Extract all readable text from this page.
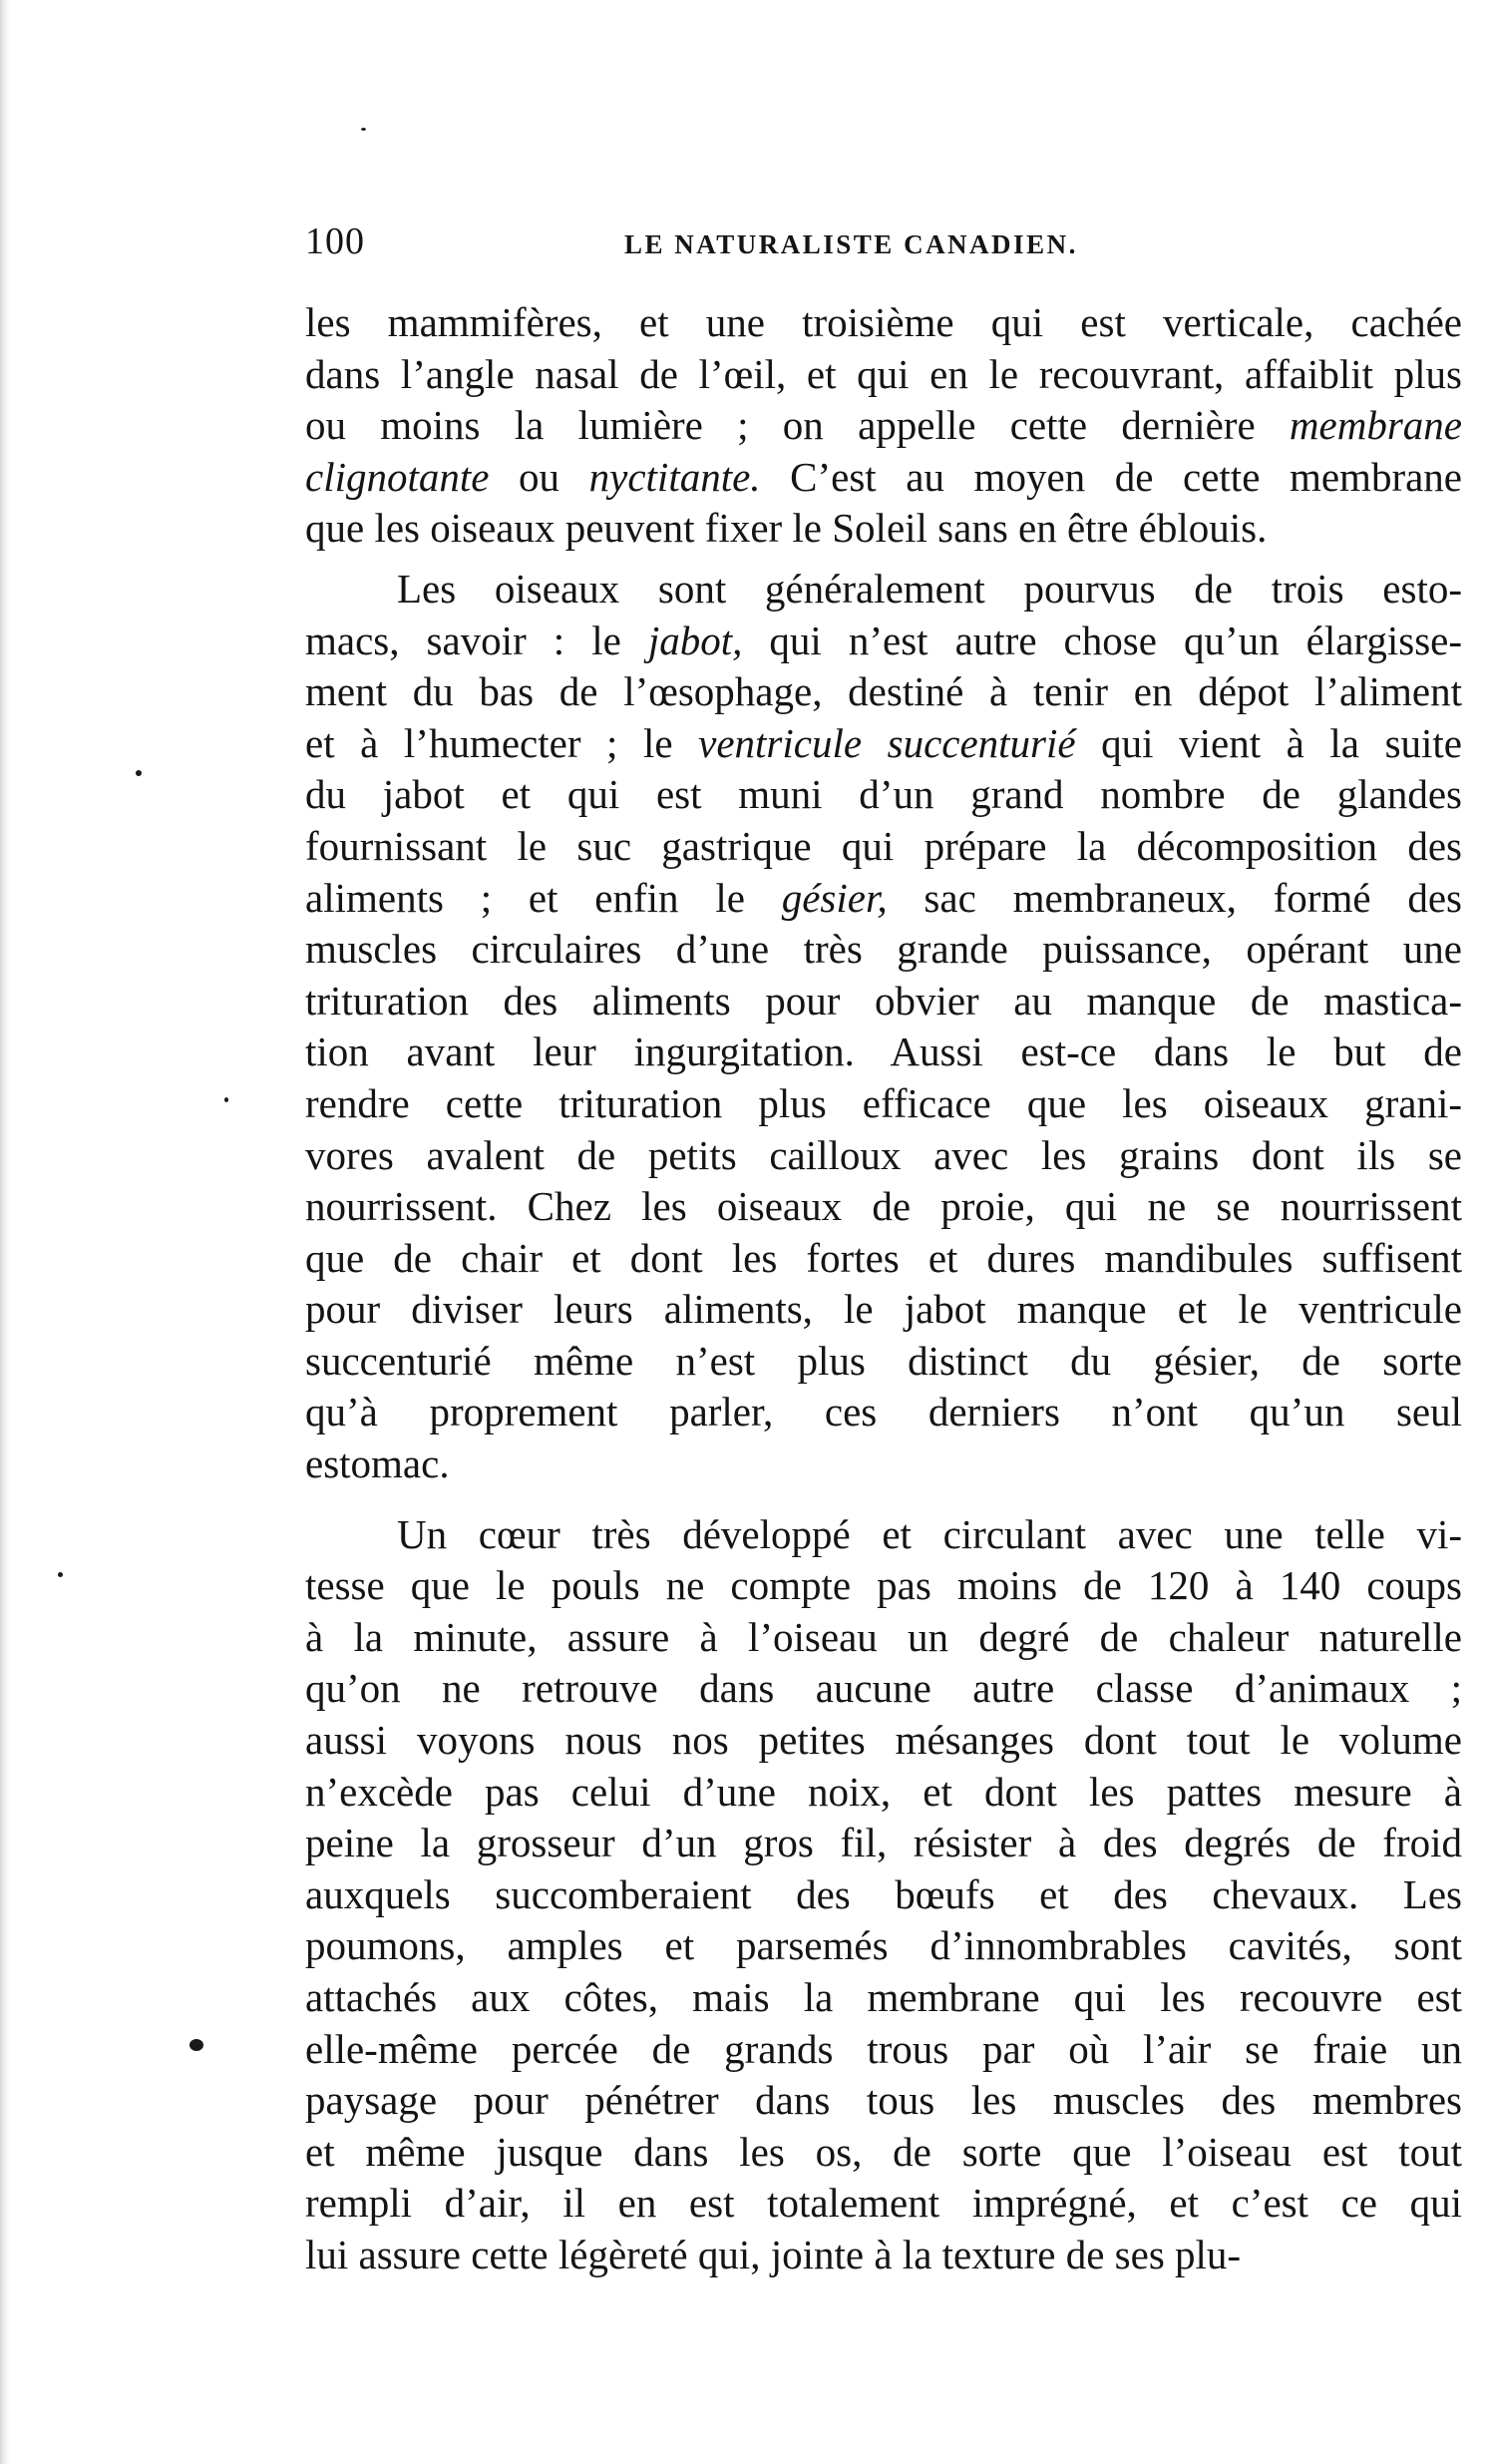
100	LE NATURALISTE CANADIEN.
les mammifères, et une troisième qui est verticale, cachée
dans l’angle nasal de l’œil, et qui en le recouvrant, affaiblit plus
ou moins la lumière ; on appelle cette dernière membrane
clignotante ou nyctitante. C’est au moyen de cette membrane
que les oiseaux peuvent fixer le Soleil sans en être éblouis.
Les oiseaux sont généralement pourvus de trois esto-
macs, savoir : le jabot, qui n’est autre chose qu’un élargisse-
ment du bas de l’œsophage, destiné à tenir en dépot l’aliment
et à l’humecter ; le ventricule succenturié qui vient à la suite
du jabot et qui est muni d’un grand nombre de glandes
fournissant le suc gastrique qui prépare la décomposition des
aliments ; et enfin le gésier, sac membraneux, formé des
muscles circulaires d’une très grande puissance, opérant une
trituration des aliments pour obvier au manque de mastica-
tion avant leur ingurgitation. Aussi est-ce dans le but de
rendre cette trituration plus efficace que les oiseaux grani-
vores avalent de petits cailloux avec les grains dont ils se
nourrissent. Chez les oiseaux de proie, qui ne se nourrissent
que de chair et dont les fortes et dures mandibules suffisent
pour diviser leurs aliments, le jabot manque et le ventricule
succenturié même n’est plus distinct du gésier, de sorte
qu’à proprement parler, ces derniers n’ont qu’un seul
estomac.
Un cœur très développé et circulant avec une telle vi-
tesse que le pouls ne compte pas moins de 120 à 140 coups
à la minute, assure à l’oiseau un degré de chaleur naturelle
qu’on ne retrouve dans aucune autre classe d’animaux ;
aussi voyons nous nos petites mésanges dont tout le volume
n’excède pas celui d’une noix, et dont les pattes mesure à
peine la grosseur d’un gros fil, résister à des degrés de froid
auxquels succomberaient des bœufs et des chevaux. Les
poumons, amples et parsemés d’innombrables cavités, sont
attachés aux côtes, mais la membrane qui les recouvre est
elle-même percée de grands trous par où l’air se fraie un
paysage pour pénétrer dans tous les muscles des membres
et même jusque dans les os, de sorte que l’oiseau est tout
rempli d’air, il en est totalement imprégné, et c’est ce qui
lui assure cette légèreté qui, jointe à la texture de ses plu-
